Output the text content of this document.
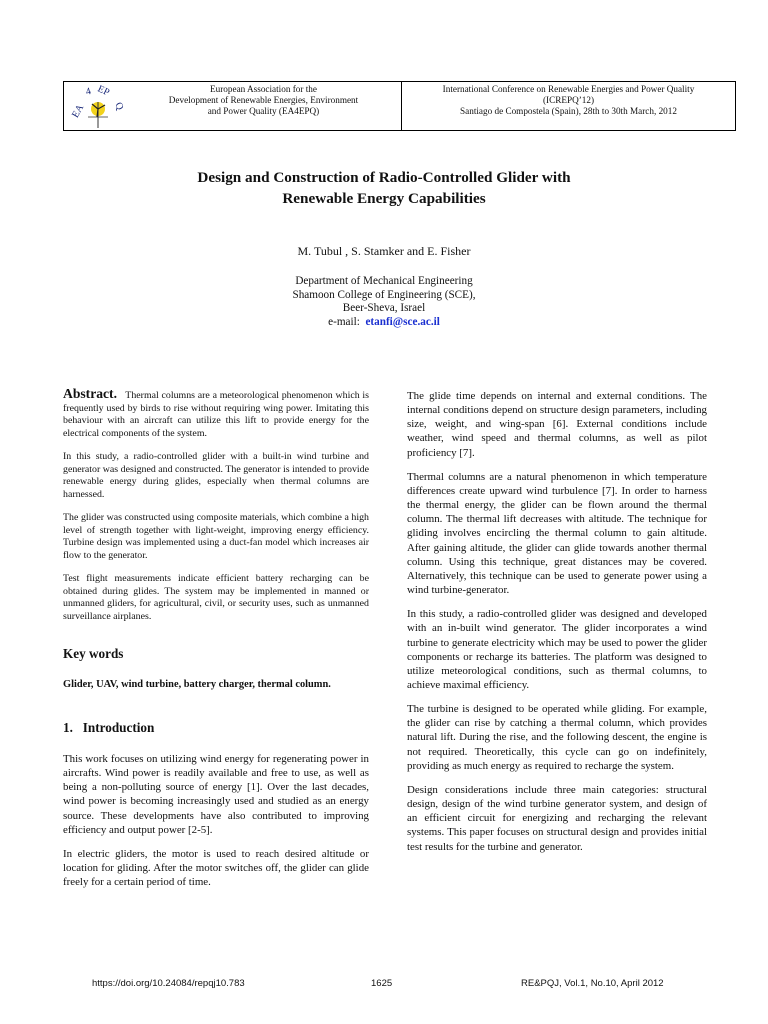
EA
4 EP
Q
European Association for the
Development of Renewable Energies, Environment
and Power Quality (EA4EPQ)
International Conference on Renewable Energies and Power Quality
(ICREPQ’12)
Santiago de Compostela (Spain), 28th to 30th March, 2012
Design and Construction of Radio-Controlled Glider with
Renewable Energy Capabilities
M. Tubul , S. Stamker and E. Fisher
Department of Mechanical Engineering
Shamoon College of Engineering (SCE),
Beer-Sheva, Israel
e-mail: etanfi@sce.ac.il

Abstract. Thermal columns are a meteorological phenomenon which is frequently used by birds to rise without requiring wing power. Imitating this behaviour with an aircraft can utilize this lift to provide energy for the electrical components of the system.

In this study, a radio-controlled glider with a built-in wind turbine and generator was designed and constructed. The generator is intended to provide renewable energy during glides, especially when thermal columns are harnessed.

The glider was constructed using composite materials, which combine a high level of strength together with light-weight, improving energy efficiency. Turbine design was implemented using a duct-fan model which increases air flow to the generator.

Test flight measurements indicate efficient battery recharging can be obtained during glides. The system may be implemented in manned or unmanned gliders, for agricultural, civil, or security uses, such as unmanned surveillance airplanes.

Key words

Glider, UAV, wind turbine, battery charger, thermal column.

1.   Introduction

This work focuses on utilizing wind energy for regenerating power in aircrafts. Wind power is readily available and free to use, as well as being a non-polluting source of energy [1]. Over the last decades, wind power is becoming increasingly used and studied as an energy source. These developments have also contributed to improving efficiency and output power [2-5].

In electric gliders, the motor is used to reach desired altitude or location for gliding. After the motor switches off, the glider can glide freely for a certain period of time.

The glide time depends on internal and external conditions. The internal conditions depend on structure design parameters, including size, weight, and wing-span [6]. External conditions include weather, wind speed and thermal columns, as well as pilot proficiency [7].

Thermal columns are a natural phenomenon in which temperature differences create upward wind turbulence [7]. In order to harness the thermal energy, the glider can be flown around the thermal column. The thermal lift decreases with altitude. The technique for gliding involves encircling the thermal column to gain altitude. After gaining altitude, the glider can glide towards another thermal column. Using this technique, great distances may be covered. Alternatively, this technique can be used to generate power using a wind turbine-generator.

In this study, a radio-controlled glider was designed and developed with an in-built wind generator. The glider incorporates a wind turbine to generate electricity which may be used to power the glider components or recharge its batteries. The platform was designed to utilize meteorological conditions, such as thermal columns, to achieve maximal efficiency.

The turbine is designed to be operated while gliding. For example, the glider can rise by catching a thermal column, which provides natural lift. During the rise, and the following descent, the engine is not required. Theoretically, this cycle can go on indefinitely, providing as much energy as required to recharge the system.

Design considerations include three main categories: structural design, design of the wind turbine generator system, and design of an efficient circuit for energizing and recharging the relevant systems. This paper focuses on structural design and provides initial test results for the turbine and generator.

https://doi.org/10.24084/repqj10.783	1625	RE&PQJ, Vol.1, No.10, April 2012
